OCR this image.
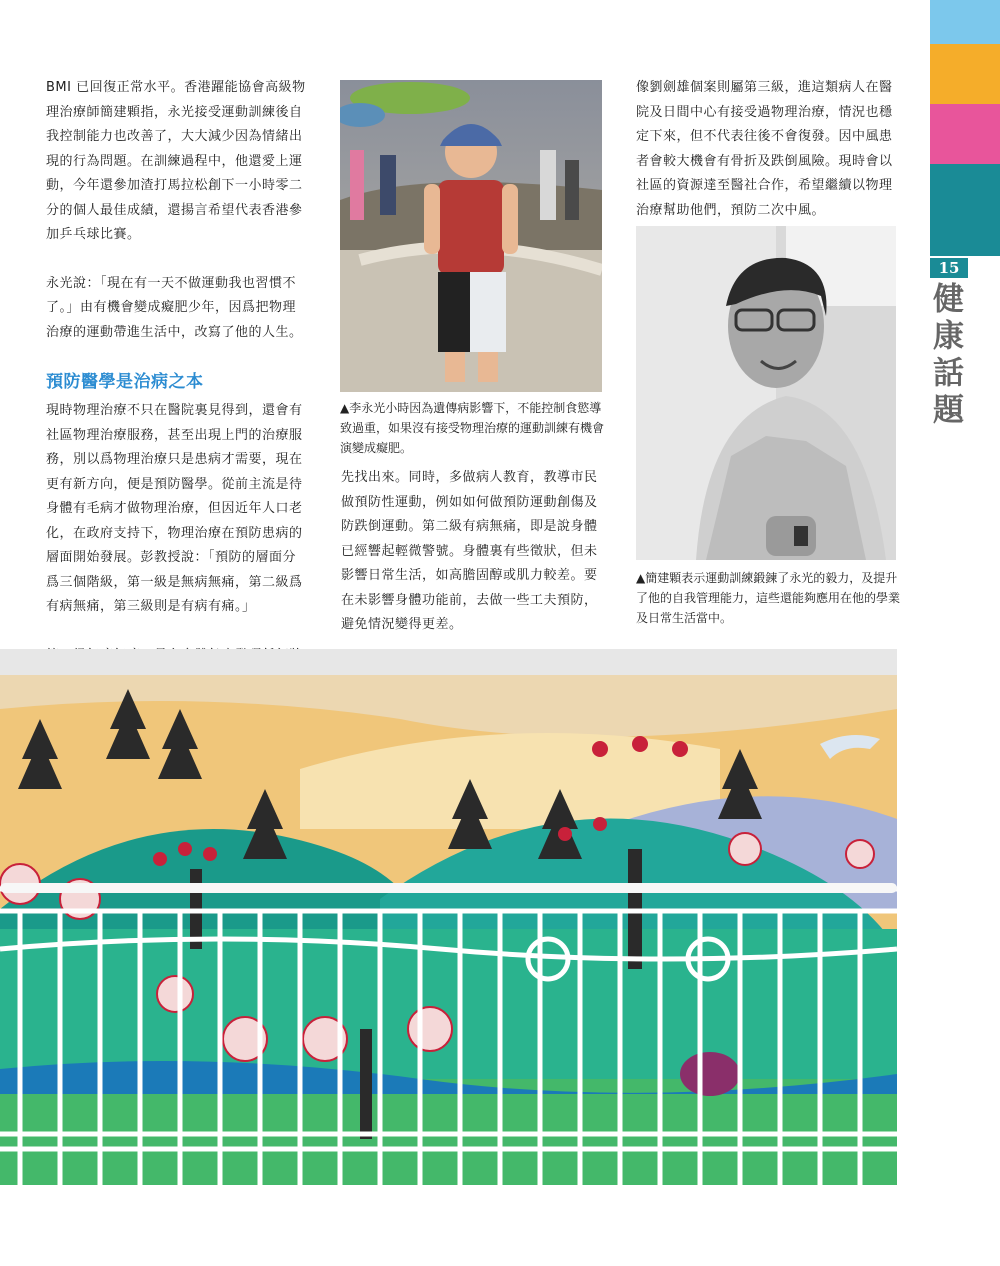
15
健康話題

BMI 已回復正常水平。香港躍能協會高級物理治療師簡建顆指，永光接受運動訓練後自我控制能力也改善了，大大減少因為情緒出現的行為問題。在訓練過程中，他還愛上運動，今年還參加渣打馬拉松創下一小時零二分的個人最佳成績，還揚言希望代表香港參加乒乓球比賽。

永光說：「現在有一天不做運動我也習慣不了。」由有機會變成癡肥少年，因爲把物理治療的運動帶進生活中，改寫了他的人生。

預防醫學是治病之本

現時物理治療不只在醫院裏見得到，還會有社區物理治療服務，甚至出現上門的治療服務，別以爲物理治療只是患病才需要，現在更有新方向，便是預防醫學。從前主流是待身體有毛病才做物理治療，但因近年人口老化，在政府支持下，物理治療在預防患病的層面開始發展。彭教授說：「預防的層面分爲三個階級，第一級是無病無痛，第二級爲有病無痛，第三級則是有病有痛。」

▲李永光小時因為遺傳病影響下，不能控制食慾導致過重，如果沒有接受物理治療的運動訓練有機會演變成癡肥。

先找出來。同時，多做病人教育，教導市民做預防性運動，例如如何做預防運動創傷及防跌倒運動。第二級有病無痛，即是說身體已經響起輕微警號。身體裏有些徵狀，但未影響日常生活，如高膽固醇或肌力較差。要在未影響身體功能前，去做一些工夫預防，避免情況變得更差。

像劉劍雄個案則屬第三級，進這類病人在醫院及日間中心有接受過物理治療，情況也穩定下來，但不代表往後不會復發。因中風患者會較大機會有骨折及跌倒風險。現時會以社區的資源達至醫社合作，希望繼續以物理治療幫助他們，預防二次中風。

▲簡建顆表示運動訓練鍛鍊了永光的毅力，及提升了他的自我管理能力，這些還能夠應用在他的學業及日常生活當中。
